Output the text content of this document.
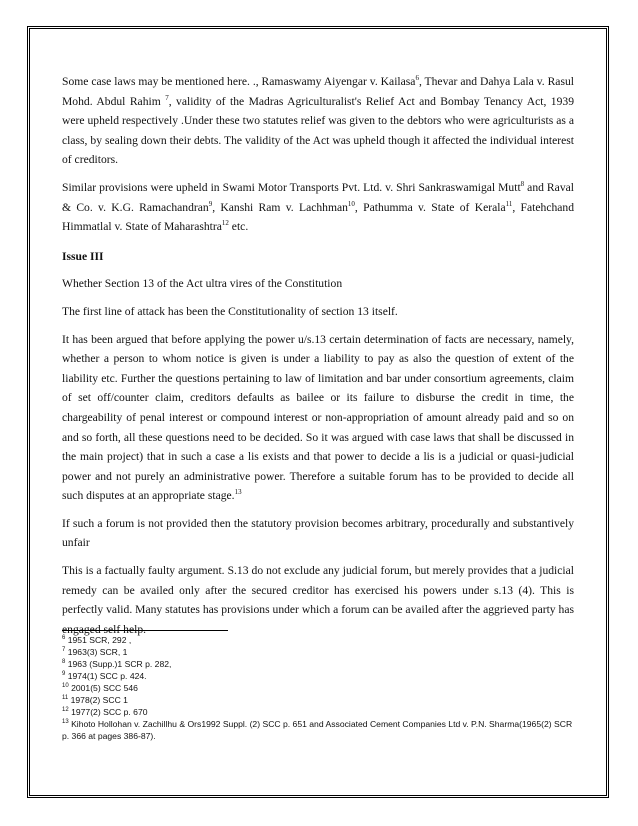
Some case laws may be mentioned here. ., Ramaswamy Aiyengar v. Kailasa$^6$, Thevar and Dahya Lala v. Rasul Mohd. Abdul Rahim $^7$, validity of the Madras Agriculturalist's Relief Act and Bombay Tenancy Act, 1939 were upheld respectively .Under these two statutes relief was given to the debtors who were agriculturists as a class, by sealing down their debts. The validity of the Act was upheld though it affected the individual interest of creditors.

Similar provisions were upheld in Swami Motor Transports Pvt. Ltd. v. Shri Sankraswamigal Mutt$^8$ and Raval & Co. v. K.G. Ramachandran$^9$, Kanshi Ram v. Lachhman$^{10}$, Pathumma v. State of Kerala$^{11}$, Fatehchand Himmatlal v. State of Maharashtra$^{12}$ etc.

Issue III

Whether Section 13 of the Act ultra vires of the Constitution

The first line of attack has been the Constitutionality of section 13 itself.

It has been argued that before applying the power u/s.13 certain determination of facts are necessary, namely, whether a person to whom notice is given is under a liability to pay as also the question of extent of the liability etc. Further the questions pertaining to law of limitation and bar under consortium agreements, claim of set off/counter claim, creditors defaults as bailee or its failure to disburse the credit in time, the chargeability of penal interest or compound interest or non-appropriation of amount already paid and so on and so forth, all these questions need to be decided. So it was argued with case laws that shall be discussed in the main project) that in such a case a lis exists and that power to decide a lis is a judicial or quasi-judicial power and not purely an administrative power. Therefore a suitable forum has to be provided to decide all such disputes at an appropriate stage.$^{13}$

If such a forum is not provided then the statutory provision becomes arbitrary, procedurally and substantively unfair

This is a factually faulty argument. S.13 do not exclude any judicial forum, but merely provides that a judicial remedy can be availed only after the secured creditor has exercised his powers under s.13 (4). This is perfectly valid. Many statutes has provisions under which a forum can be availed after the aggrieved party has engaged self help.

$^6$ 1951 SCR, 292 ,

$^7$ 1963(3) SCR, 1

$^8$ 1963 (Supp.)1 SCR p. 282,

$^9$ 1974(1) SCC p. 424.

$^{10}$ 2001(5) SCC 546

$^{11}$ 1978(2) SCC 1

$^{12}$ 1977(2) SCC p. 670

$^{13}$ Kihoto Hollohan v. Zachillhu & Ors1992 Suppl. (2) SCC p. 651 and Associated Cement Companies Ltd v. P.N. Sharma(1965(2) SCR p. 366 at pages 386-87).
